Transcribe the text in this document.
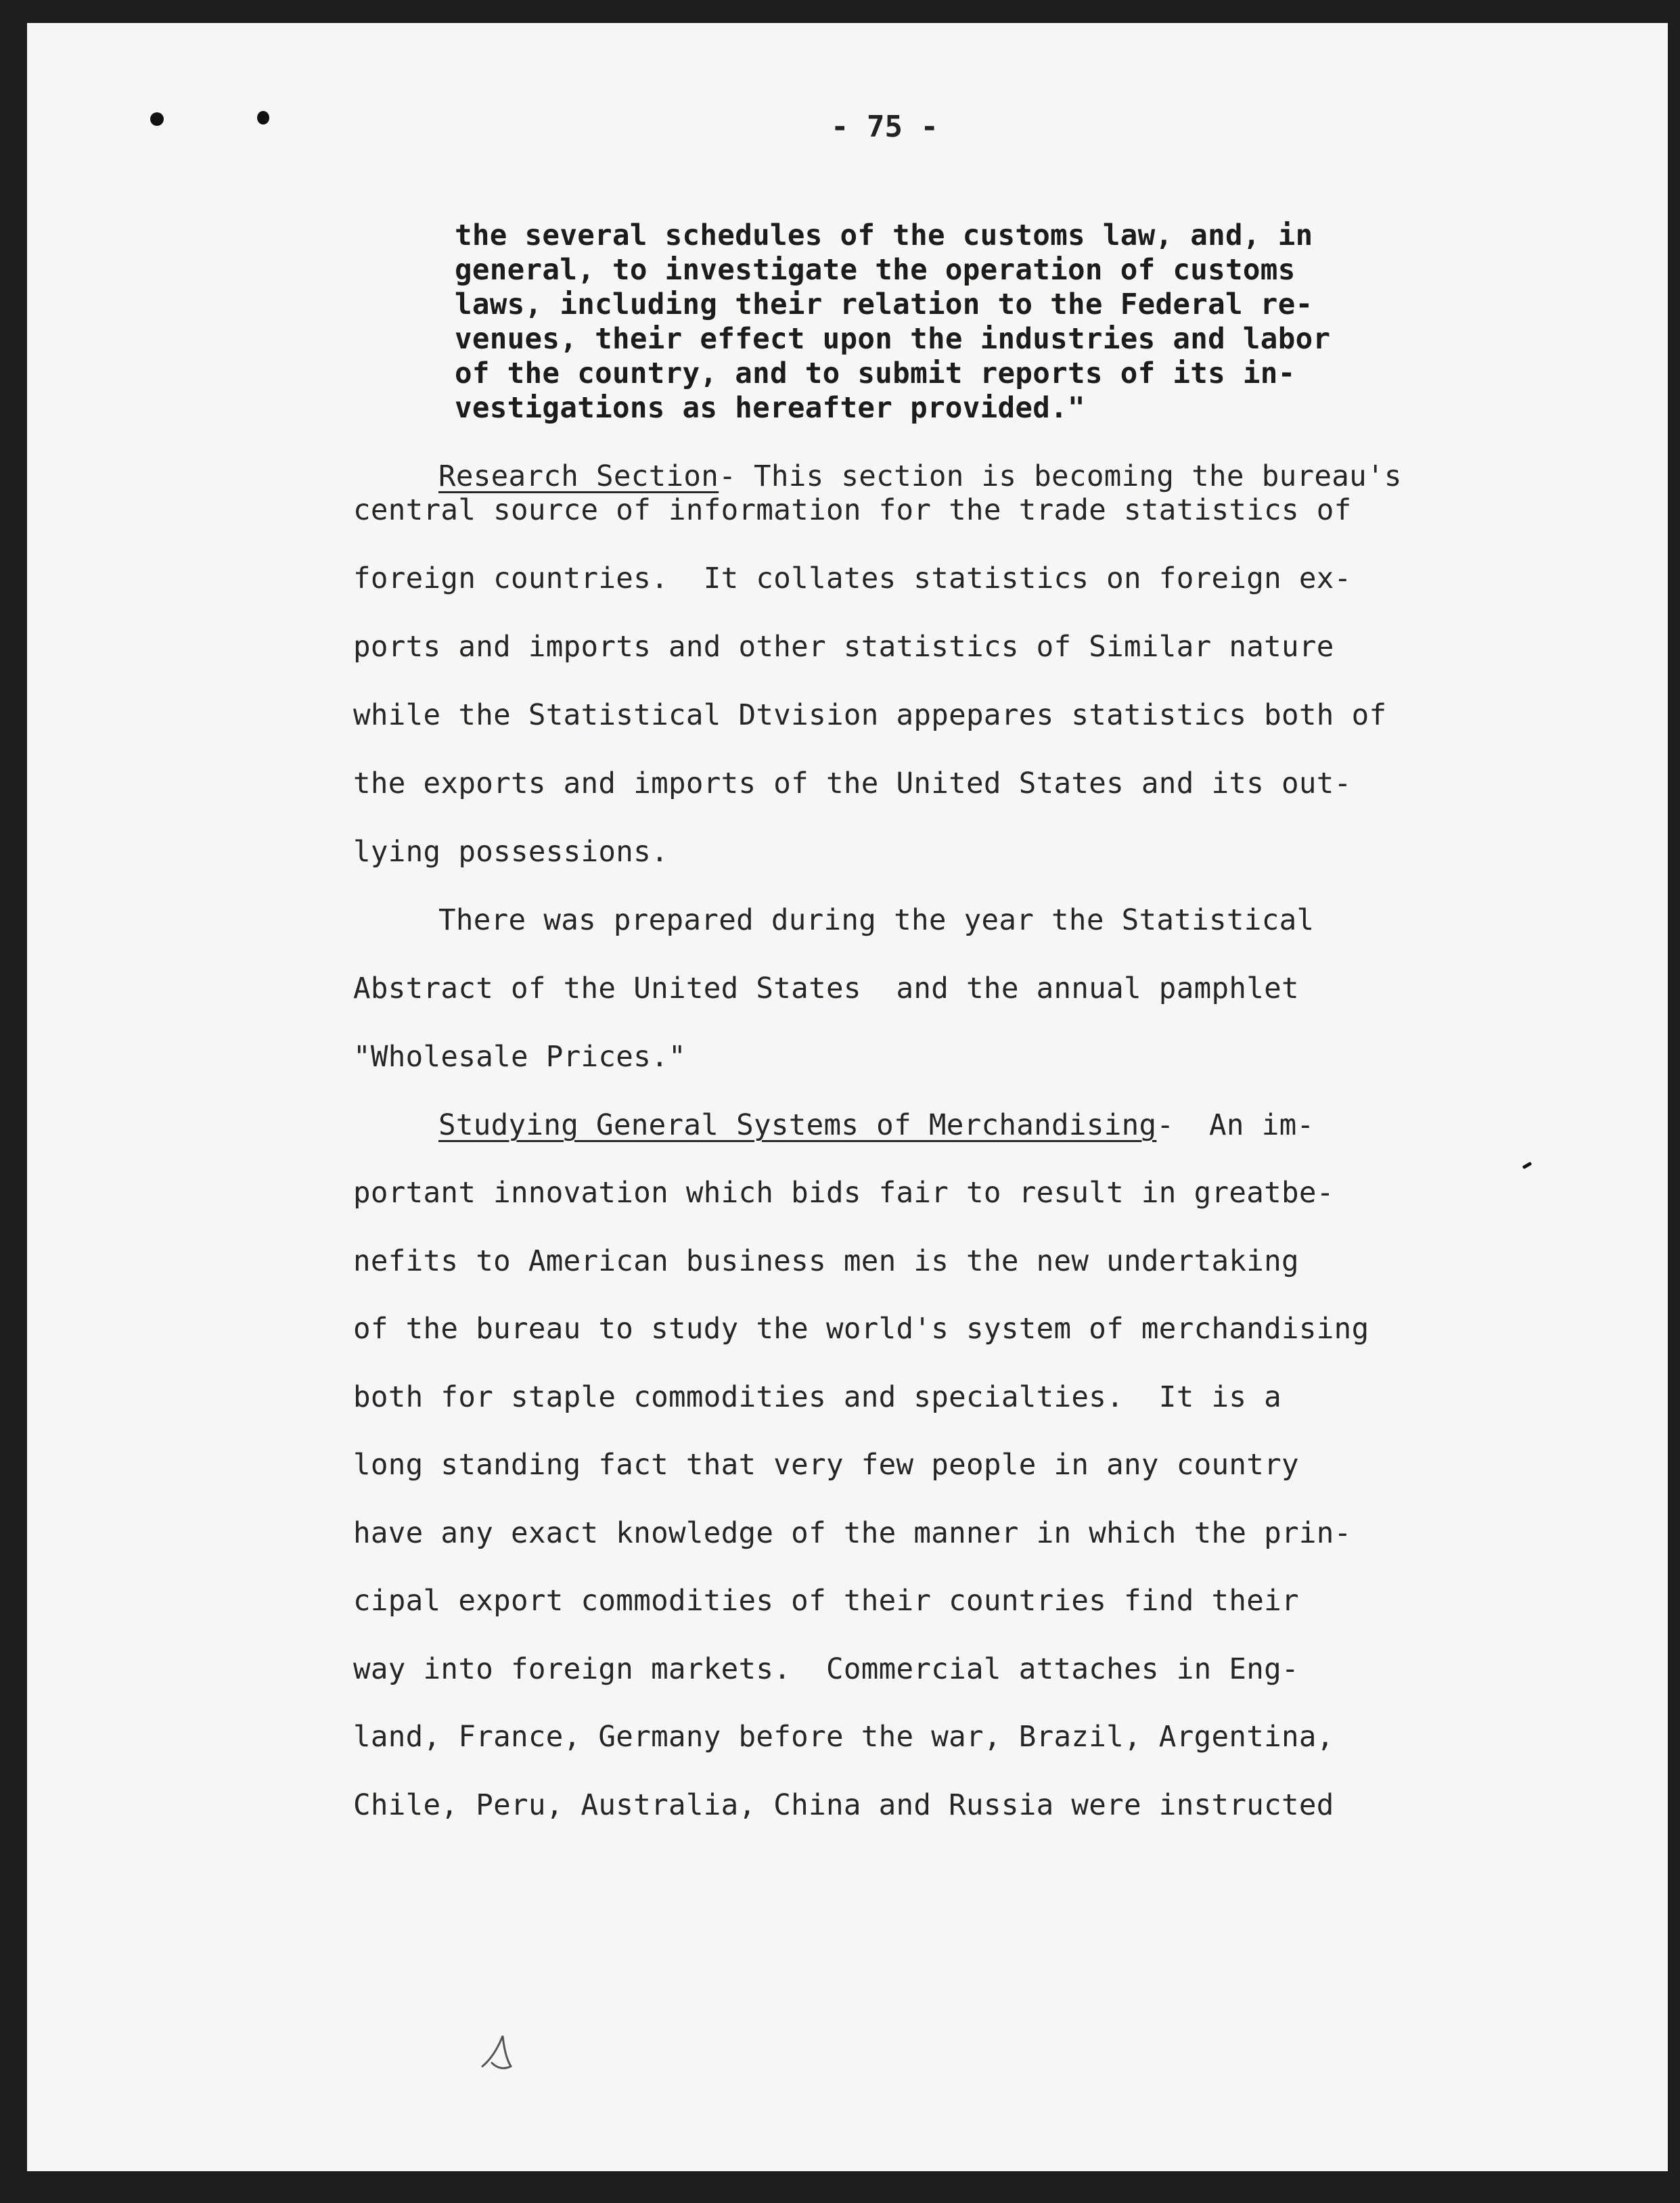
- 75 -
the several schedules of the customs law, and, in
general, to investigate the operation of customs
laws, including their relation to the Federal re-
venues, their effect upon the industries and labor
of the country, and to submit reports of its in-
vestigations as hereafter provided."
Research Section- This section is becoming the bureau's
central source of information for the trade statistics of
foreign countries.  It collates statistics on foreign ex-
ports and imports and other statistics of Similar nature
while the Statistical Dtvision appepares statistics both of
the exports and imports of the United States and its out-
lying possessions.
There was prepared during the year the Statistical
Abstract of the United States  and the annual pamphlet
"Wholesale Prices."
Studying General Systems of Merchandising-  An im-
portant innovation which bids fair to result in greatbe-
nefits to American business men is the new undertaking
of the bureau to study the world's system of merchandising
both for staple commodities and specialties.  It is a
long standing fact that very few people in any country
have any exact knowledge of the manner in which the prin-
cipal export commodities of their countries find their
way into foreign markets.  Commercial attaches in Eng-
land, France, Germany before the war, Brazil, Argentina,
Chile, Peru, Australia, China and Russia were instructed
